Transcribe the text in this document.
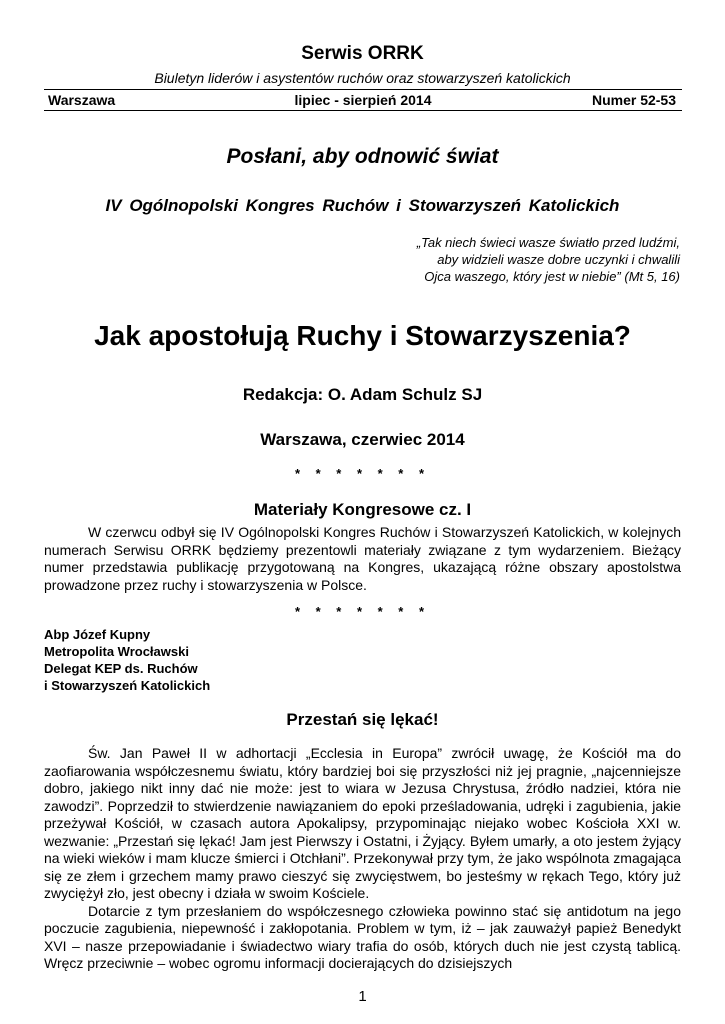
Serwis ORRK
Biuletyn liderów i asystentów ruchów oraz stowarzyszeń katolickich
lipiec - sierpień 2014
Warszawa	Numer 52-53
Posłani, aby odnowić świat
IV Ogólnopolski Kongres Ruchów i Stowarzyszeń Katolickich
„Tak niech świeci wasze światło przed ludźmi,
aby widzieli wasze dobre uczynki i chwalili
Ojca waszego, który jest w niebie” (Mt 5, 16)
Jak apostołują Ruchy i Stowarzyszenia?
Redakcja: O. Adam Schulz SJ
Warszawa, czerwiec 2014
* * * * * * *
Materiały Kongresowe cz. I

W czerwcu odbył się IV Ogólnopolski Kongres Ruchów i Stowarzyszeń Katolickich, w kolejnych numerach Serwisu ORRK będziemy prezentowli materiały związane z tym wydarzeniem. Bieżący numer przedstawia publikację przygotowaną na Kongres, ukazającą różne obszary apostolstwa prowadzone przez ruchy i stowarzyszenia w Polsce.

* * * * * * *
Abp Józef Kupny
Metropolita Wrocławski
Delegat KEP ds. Ruchów
i Stowarzyszeń Katolickich
Przestań się lękać!

Św. Jan Paweł II w adhortacji „Ecclesia in Europa” zwrócił uwagę, że Kościół ma do zaofiarowania współczesnemu światu, który bardziej boi się przyszłości niż jej pragnie, „najcenniejsze dobro, jakiego nikt inny dać nie może: jest to wiara w Jezusa Chrystusa, źródło nadziei, która nie zawodzi”. Poprzedził to stwierdzenie nawiązaniem do epoki prześladowania, udręki i zagubienia, jakie przeżywał Kościół, w czasach autora Apokalipsy, przypominając niejako wobec Kościoła XXI w. wezwanie: „Przestań się lękać! Jam jest Pierwszy i Ostatni, i Żyjący. Byłem umarły, a oto jestem żyjący na wieki wieków i mam klucze śmierci i Otchłani”. Przekonywał przy tym, że jako wspólnota zmagająca się ze złem i grzechem mamy prawo cieszyć się zwycięstwem, bo jesteśmy w rękach Tego, który już zwyciężył zło, jest obecny i działa w swoim Kościele.

Dotarcie z tym przesłaniem do współczesnego człowieka powinno stać się antidotum na jego poczucie zagubienia, niepewność i zakłopotania. Problem w tym, iż – jak zauważył papież Benedykt XVI – nasze przepowiadanie i świadectwo wiary trafia do osób, których duch nie jest czystą tablicą. Wręcz przeciwnie – wobec ogromu informacji docierających do dzisiejszych

1
